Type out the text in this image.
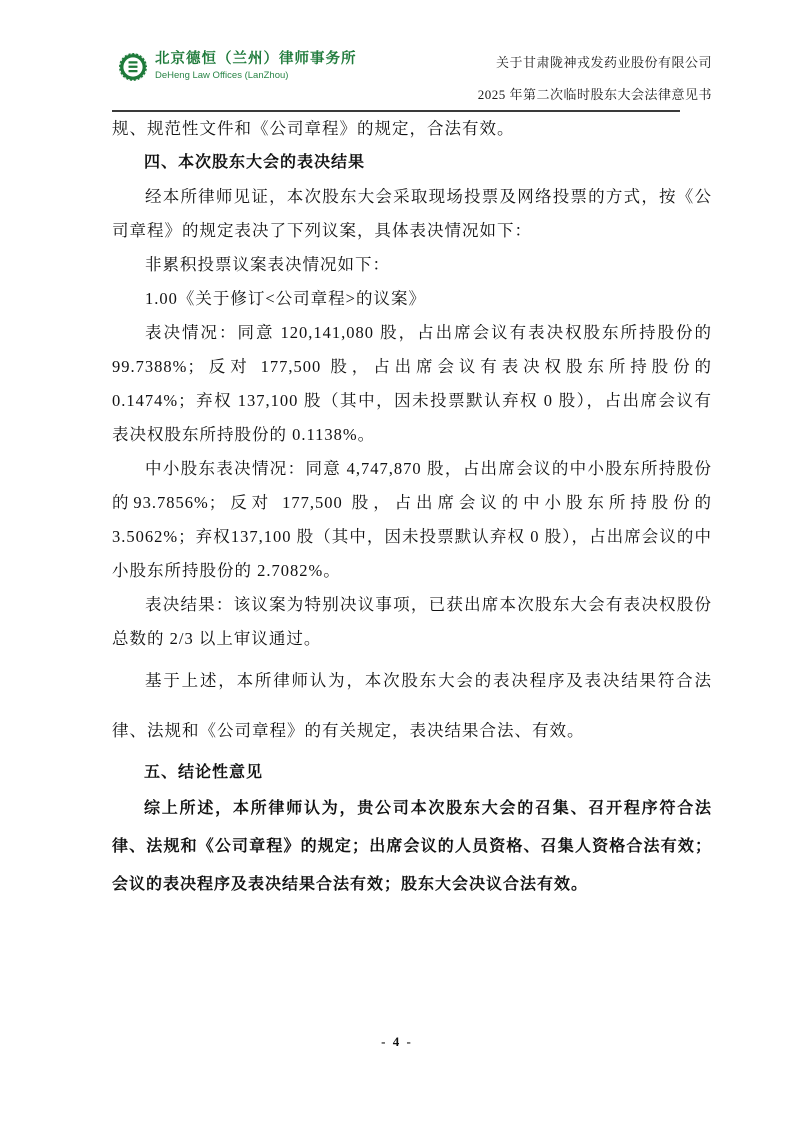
北京德恒（兰州）律师事务所
DeHeng Law Offices (LanZhou)
关于甘肃陇神戎发药业股份有限公司
2025 年第二次临时股东大会法律意见书

规、规范性文件和《公司章程》的规定，合法有效。

四、本次股东大会的表决结果

经本所律师见证，本次股东大会采取现场投票及网络投票的方式，按《公司章程》的规定表决了下列议案，具体表决情况如下：

非累积投票议案表决情况如下：

1.00《关于修订<公司章程>的议案》

表决情况：同意 120,141,080 股，占出席会议有表决权股东所持股份的99.7388%；反对 177,500 股，占出席会议有表决权股东所持股份的 0.1474%；弃权 137,100 股（其中，因未投票默认弃权 0 股），占出席会议有表决权股东所持股份的 0.1138%。

中小股东表决情况：同意 4,747,870 股，占出席会议的中小股东所持股份的93.7856%；反对 177,500 股，占出席会议的中小股东所持股份的 3.5062%；弃权137,100 股（其中，因未投票默认弃权 0 股），占出席会议的中小股东所持股份的 2.7082%。

表决结果：该议案为特别决议事项，已获出席本次股东大会有表决权股份总数的 2/3 以上审议通过。

基于上述，本所律师认为，本次股东大会的表决程序及表决结果符合法律、法规和《公司章程》的有关规定，表决结果合法、有效。

五、结论性意见

综上所述，本所律师认为，贵公司本次股东大会的召集、召开程序符合法律、法规和《公司章程》的规定；出席会议的人员资格、召集人资格合法有效；会议的表决程序及表决结果合法有效；股东大会决议合法有效。

- 4 -
